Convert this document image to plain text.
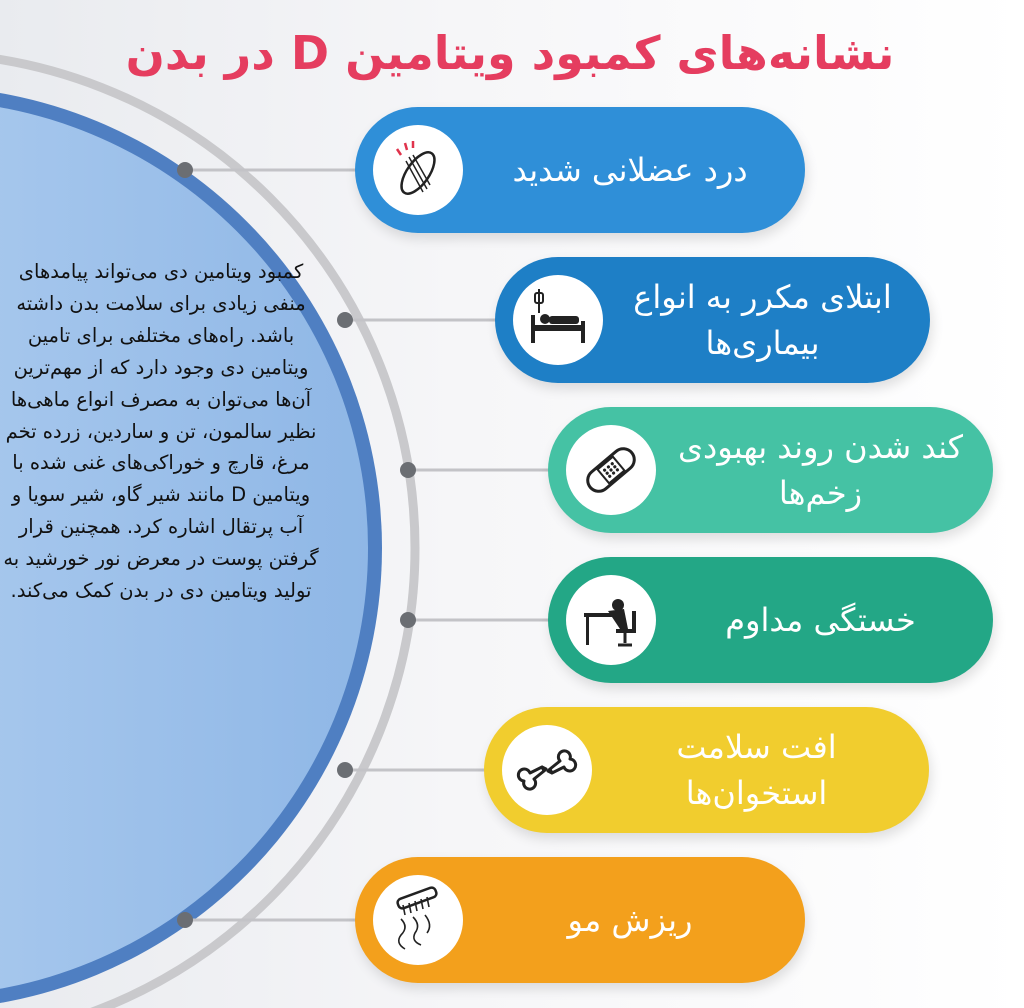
نشانه‌های کمبود ویتامین D در بدن

کمبود ویتامین دی می‌تواند پیامدهای منفی زیادی برای سلامت بدن داشته باشد. راه‌های مختلفی برای تامین ویتامین دی وجود دارد که از مهم‌ترین آن‌ها می‌توان به مصرف انواع ماهی‌ها نظیر سالمون، تن و ساردین، زرده تخم مرغ، قارچ و خوراکی‌های غنی شده با ویتامین D مانند شیر گاو، شیر سویا و آب پرتقال اشاره کرد. همچنین قرار گرفتن پوست در معرض نور خورشید به تولید ویتامین دی در بدن کمک می‌کند.

درد عضلانی شدید
ابتلای مکرر به انواع بیماری‌ها
کند شدن روند بهبودی زخم‌ها
خستگی مداوم
افت سلامت استخوان‌ها
ریزش مو
